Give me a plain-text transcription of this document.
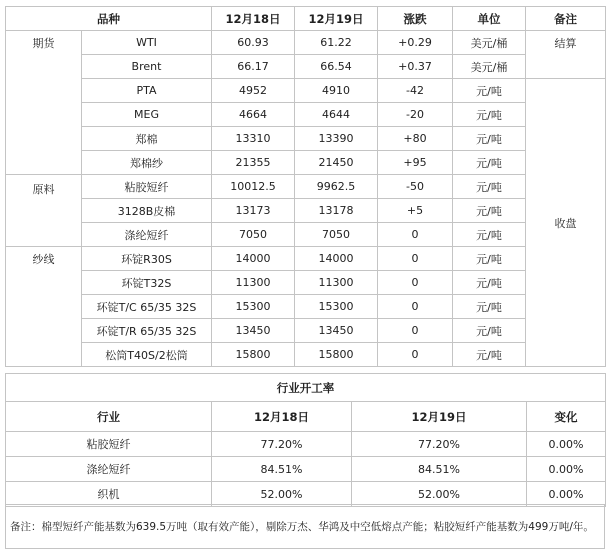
品种		12月18日	12月19日	涨跌	单位	备注
期货	WTI	60.93	61.22	+0.29	美元/桶	结算
	Brent	66.17	66.54	+0.37	美元/桶	
	PTA	4952	4910	-42	元/吨	收盘
	MEG	4664	4644	-20	元/吨	
	郑棉	13310	13390	+80	元/吨	
	郑棉纱	21355	21450	+95	元/吨	
原料	粘胶短纤	10012.5	9962.5	-50	元/吨	
	3128B皮棉	13173	13178	+5	元/吨	
	涤纶短纤	7050	7050	0	元/吨	
纱线	环锭R30S	14000	14000	0	元/吨	
	环锭T32S	11300	11300	0	元/吨	
	环锭T/C 65/35 32S	15300	15300	0	元/吨	
	环锭T/R 65/35 32S	13450	13450	0	元/吨	
	松筒T40S/2松筒	15800	15800	0	元/吨	
行业开工率			
行业	12月18日	12月19日	变化
粘胶短纤	77.20%	77.20%	0.00%
涤纶短纤	84.51%	84.51%	0.00%
织机	52.00%	52.00%	0.00%
备注：棉型短纤产能基数为639.5万吨（取有效产能），剔除万杰、华鸿及中空低熔点产能；粘胶短纤产能基数为499万吨/年。
